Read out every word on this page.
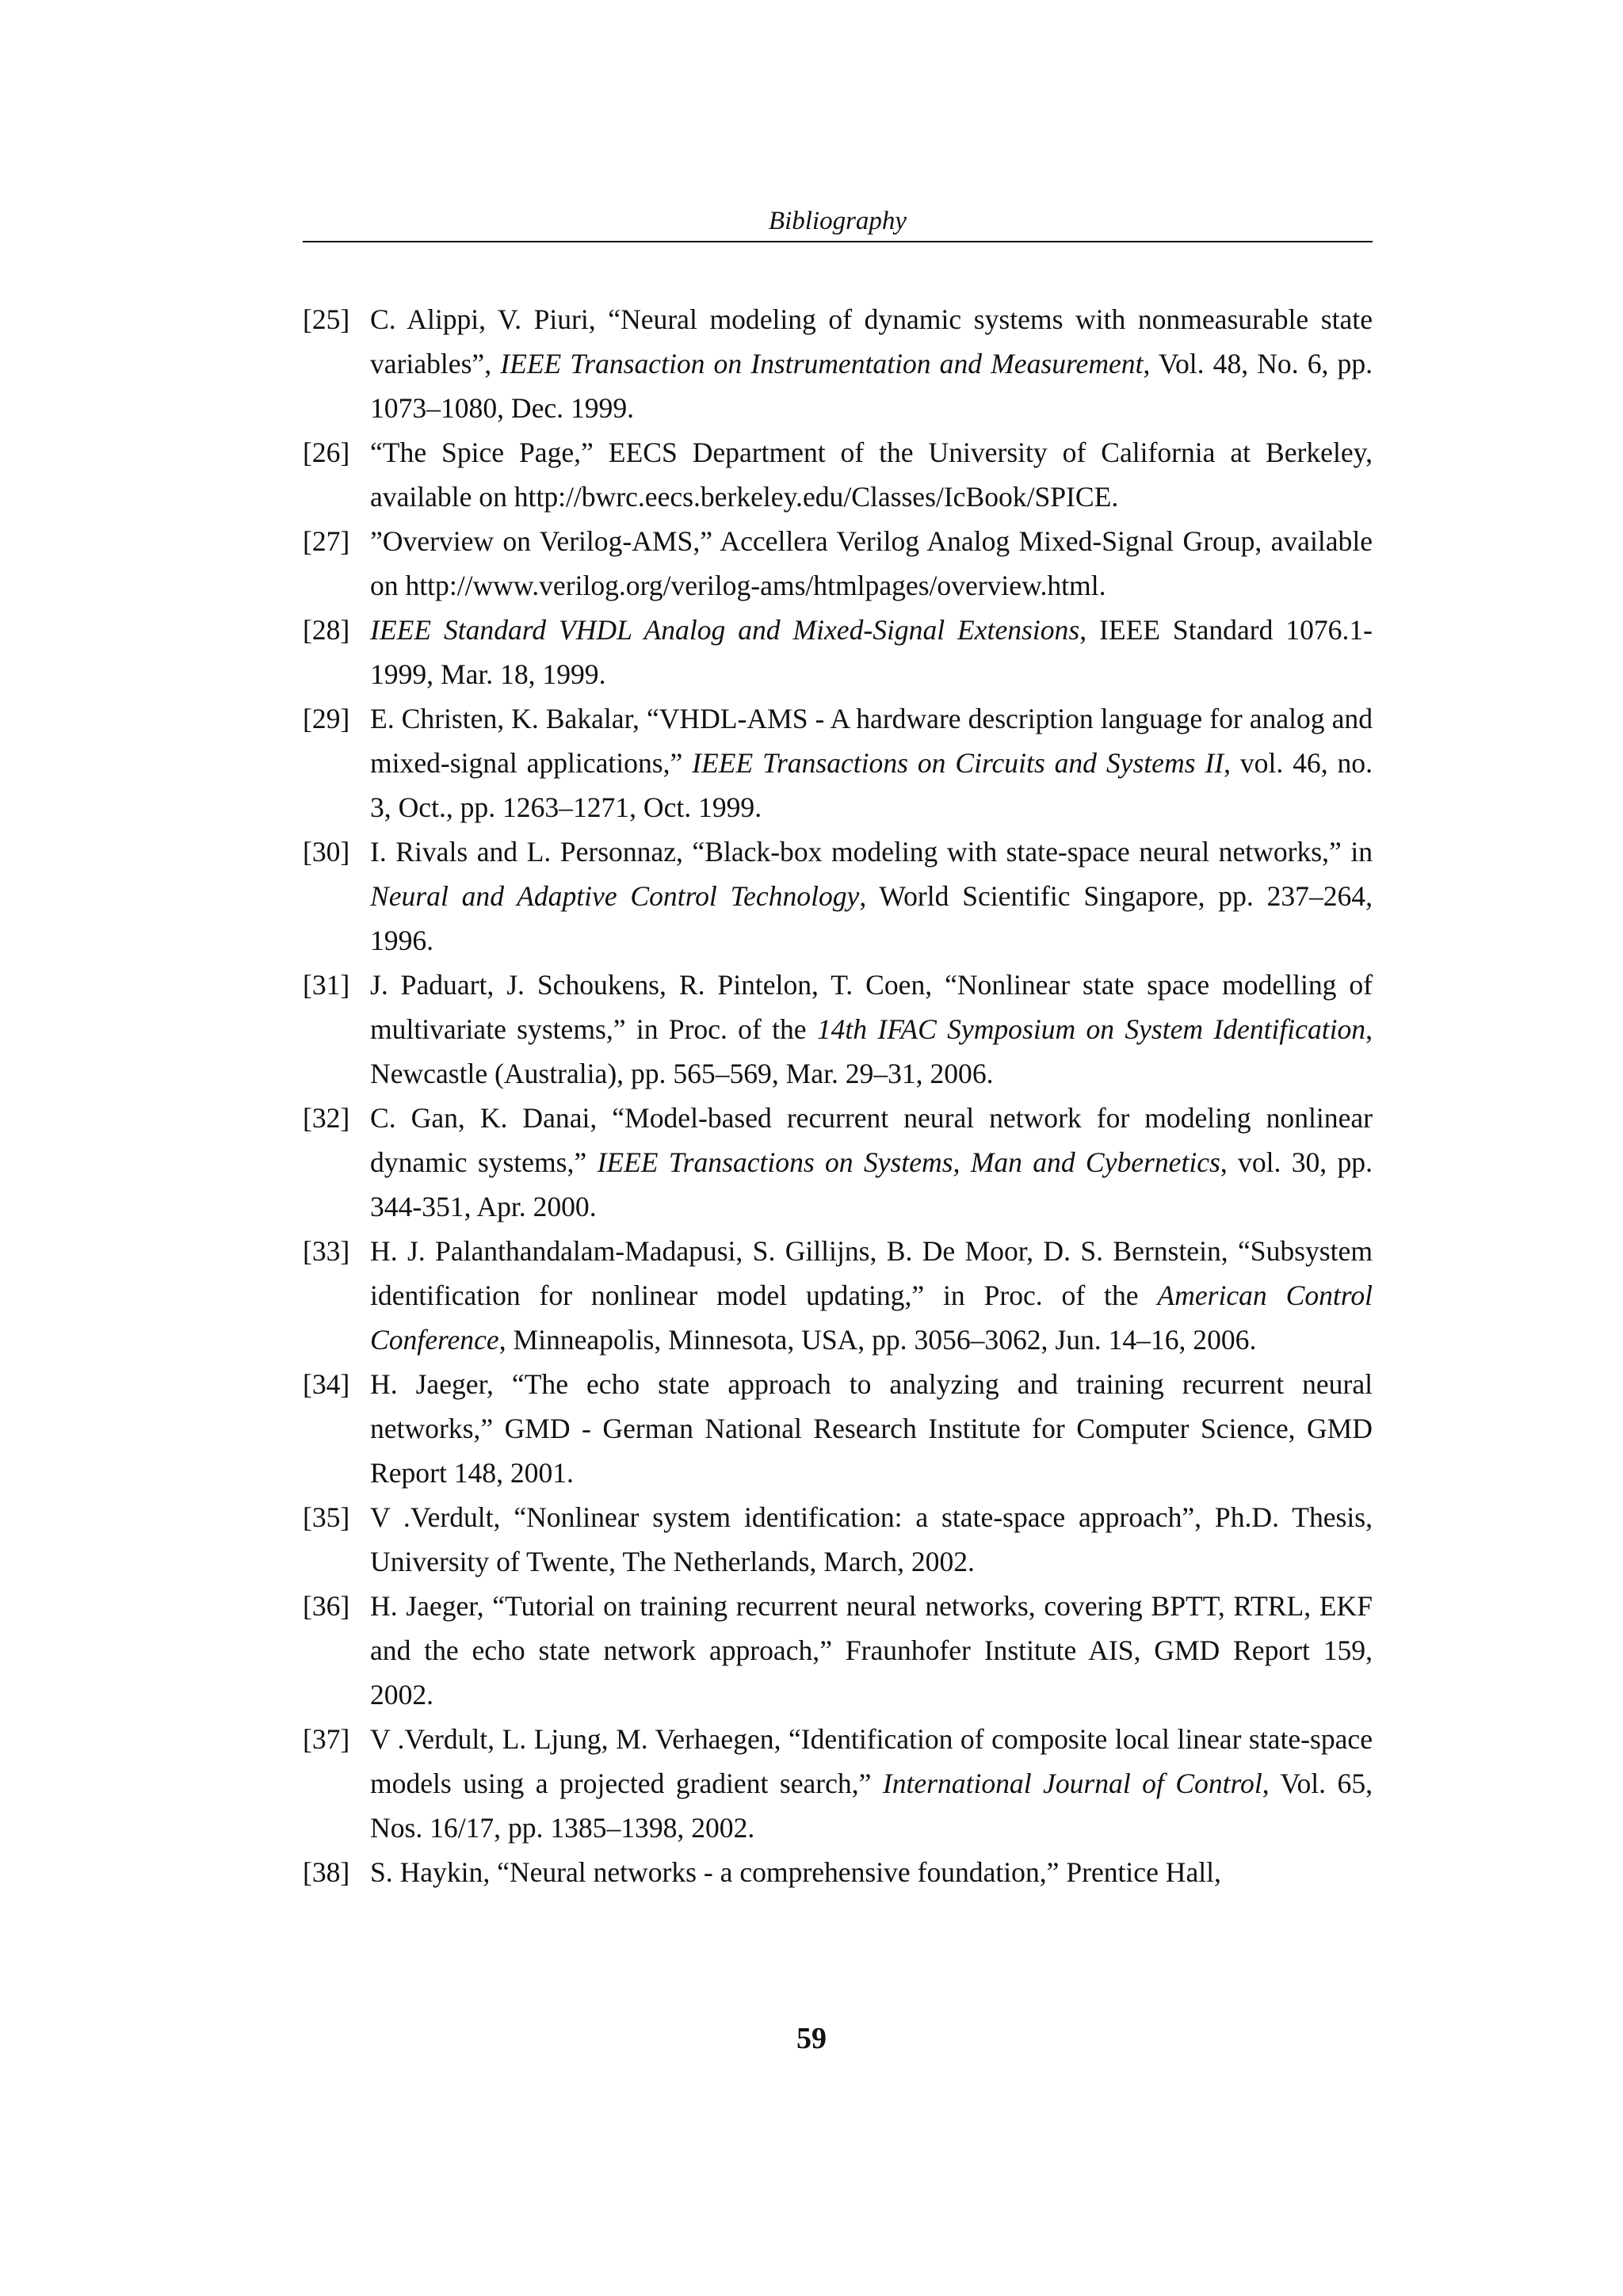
Bibliography
[25] C. Alippi, V. Piuri, “Neural modeling of dynamic systems with nonmeasurable state variables”, IEEE Transaction on Instrumentation and Measurement, Vol. 48, No. 6, pp. 1073–1080, Dec. 1999.
[26] “The Spice Page,” EECS Department of the University of California at Berkeley, available on http://bwrc.eecs.berkeley.edu/Classes/IcBook/SPICE.
[27] ”Overview on Verilog-AMS,” Accellera Verilog Analog Mixed-Signal Group, available on http://www.verilog.org/verilog-ams/htmlpages/overview.html.
[28] IEEE Standard VHDL Analog and Mixed-Signal Extensions, IEEE Standard 1076.1-1999, Mar. 18, 1999.
[29] E. Christen, K. Bakalar, “VHDL-AMS - A hardware description language for analog and mixed-signal applications,” IEEE Transactions on Circuits and Systems II, vol. 46, no. 3, Oct., pp. 1263–1271, Oct. 1999.
[30] I. Rivals and L. Personnaz, “Black-box modeling with state-space neural networks,” in Neural and Adaptive Control Technology, World Scientific Singapore, pp. 237–264, 1996.
[31] J. Paduart, J. Schoukens, R. Pintelon, T. Coen, “Nonlinear state space modelling of multivariate systems,” in Proc. of the 14th IFAC Symposium on System Identification, Newcastle (Australia), pp. 565–569, Mar. 29–31, 2006.
[32] C. Gan, K. Danai, “Model-based recurrent neural network for modeling nonlinear dynamic systems,” IEEE Transactions on Systems, Man and Cybernetics, vol. 30, pp. 344-351, Apr. 2000.
[33] H. J. Palanthandalam-Madapusi, S. Gillijns, B. De Moor, D. S. Bernstein, “Subsystem identification for nonlinear model updating,” in Proc. of the American Control Conference, Minneapolis, Minnesota, USA, pp. 3056–3062, Jun. 14–16, 2006.
[34] H. Jaeger, “The echo state approach to analyzing and training recurrent neural networks,” GMD - German National Research Institute for Computer Science, GMD Report 148, 2001.
[35] V .Verdult, “Nonlinear system identification: a state-space approach”, Ph.D. Thesis, University of Twente, The Netherlands, March, 2002.
[36] H. Jaeger, “Tutorial on training recurrent neural networks, covering BPTT, RTRL, EKF and the echo state network approach,” Fraunhofer Institute AIS, GMD Report 159, 2002.
[37] V .Verdult, L. Ljung, M. Verhaegen, “Identification of composite local linear state-space models using a projected gradient search,” International Journal of Control, Vol. 65, Nos. 16/17, pp. 1385–1398, 2002.
[38] S. Haykin, “Neural networks - a comprehensive foundation,” Prentice Hall,
59
